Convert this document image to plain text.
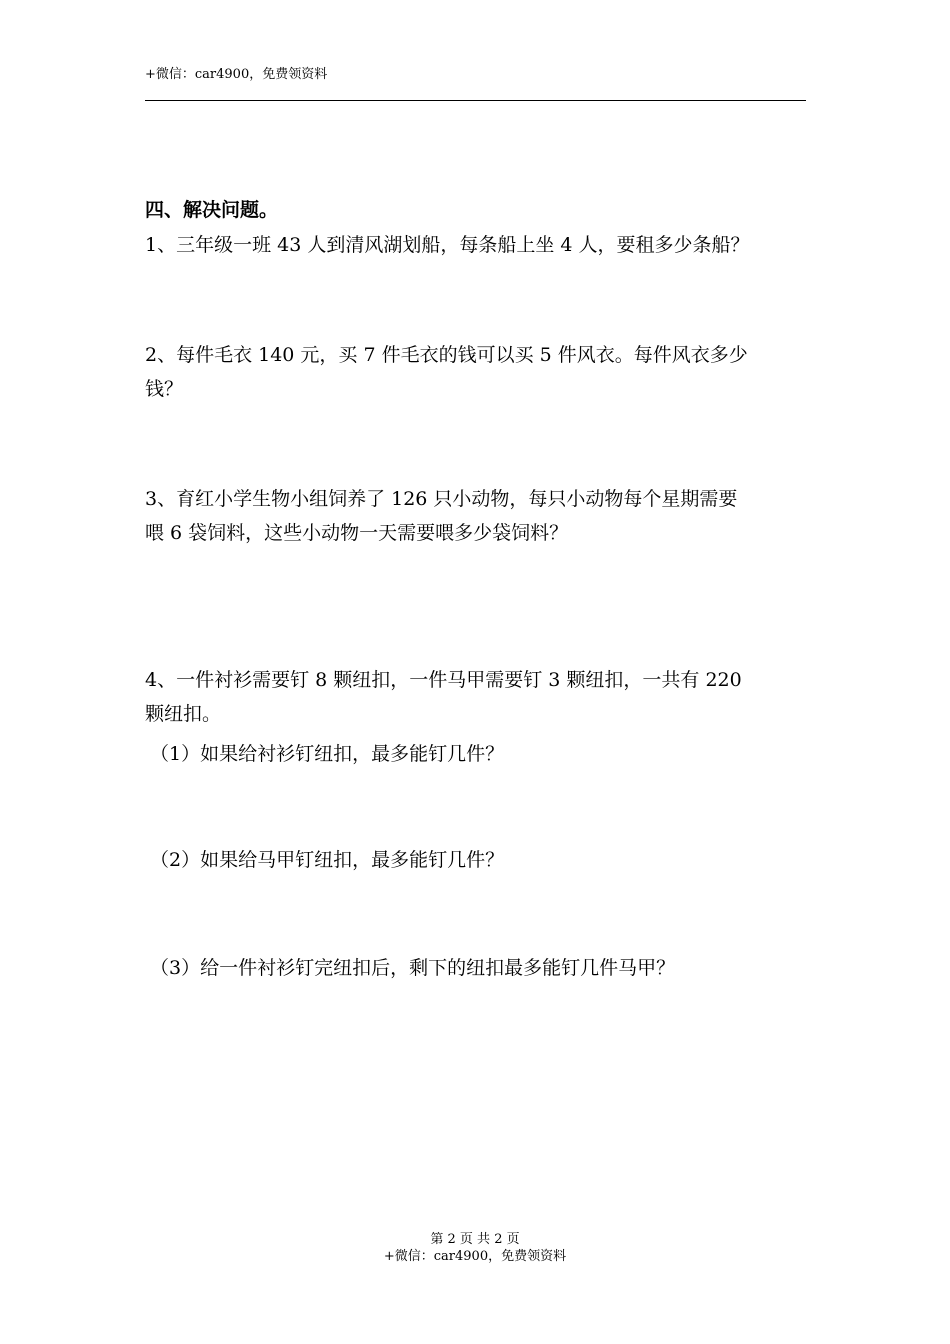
+微信：car4900，免费领资料
四、解决问题。
1、三年级一班 43 人到清风湖划船，每条船上坐 4 人，要租多少条船？
2、每件毛衣 140 元，买 7 件毛衣的钱可以买 5 件风衣。每件风衣多少
钱？
3、育红小学生物小组饲养了 126 只小动物，每只小动物每个星期需要
喂 6 袋饲料，这些小动物一天需要喂多少袋饲料？
4、一件衬衫需要钉 8 颗纽扣，一件马甲需要钉 3 颗纽扣，一共有 220
颗纽扣。
（1）如果给衬衫钉纽扣，最多能钉几件？
（2）如果给马甲钉纽扣，最多能钉几件？
（3）给一件衬衫钉完纽扣后，剩下的纽扣最多能钉几件马甲？
第 2 页 共 2 页
+微信：car4900，免费领资料
